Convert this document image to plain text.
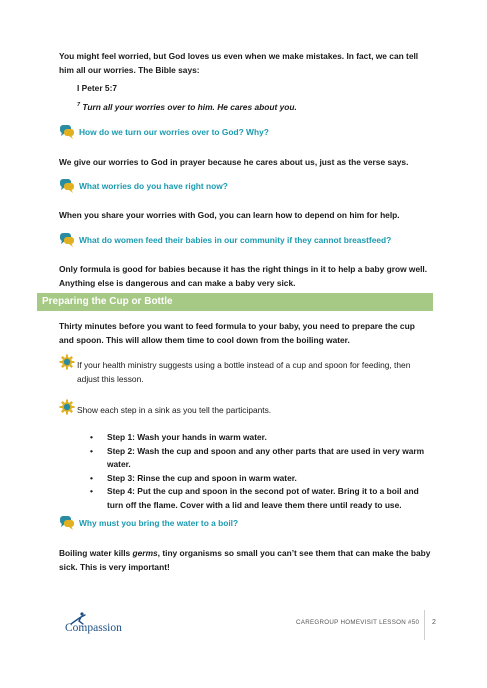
You might feel worried, but God loves us even when we make mistakes. In fact, we can tell him all our worries. The Bible says:
I Peter 5:7
$^7$ Turn all your worries over to him. He cares about you.
How do we turn our worries over to God? Why?
We give our worries to God in prayer because he cares about us, just as the verse says.
What worries do you have right now?
When you share your worries with God, you can learn how to depend on him for help.
What do women feed their babies in our community if they cannot breastfeed?
Only formula is good for babies because it has the right things in it to help a baby grow well. Anything else is dangerous and can make a baby very sick.
Preparing the Cup or Bottle
Thirty minutes before you want to feed formula to your baby, you need to prepare the cup and spoon. This will allow them time to cool down from the boiling water.
If your health ministry suggests using a bottle instead of a cup and spoon for feeding, then adjust this lesson.
Show each step in a sink as you tell the participants.
• Step 1: Wash your hands in warm water.
• Step 2: Wash the cup and spoon and any other parts that are used in very warm water.
• Step 3: Rinse the cup and spoon in warm water.
• Step 4: Put the cup and spoon in the second pot of water. Bring it to a boil and turn off the flame. Cover with a lid and leave them there until ready to use.
Why must you bring the water to a boil?
Boiling water kills germs, tiny organisms so small you can’t see them that can make the baby sick. This is very important!
Compassion	CAREGROUP HOMEVISIT LESSON #50 2
